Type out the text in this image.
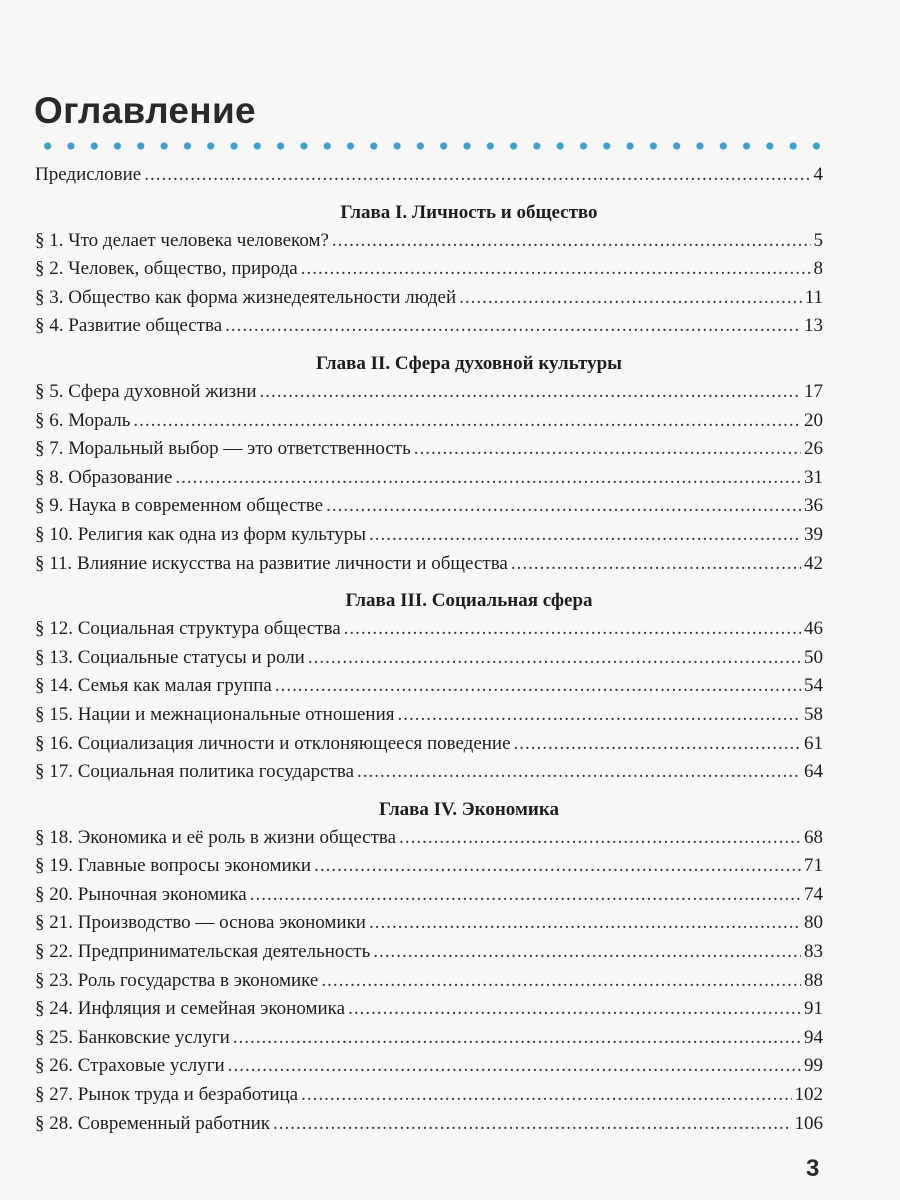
Оглавление
Предисловие .....	4
Глава I. Личность и общество
§ 1. Что делает человека человеком? .....	5
§ 2. Человек, общество, природа .....	8
§ 3. Общество как форма жизнедеятельности людей .....	11
§ 4. Развитие общества .....	13
Глава II. Сфера духовной культуры
§ 5. Сфера духовной жизни .....	17
§ 6. Мораль .....	20
§ 7. Моральный выбор — это ответственность .....	26
§ 8. Образование .....	31
§ 9. Наука в современном обществе .....	36
§ 10. Религия как одна из форм культуры .....	39
§ 11. Влияние искусства на развитие личности и общества .....	42
Глава III. Социальная сфера
§ 12. Социальная структура общества .....	46
§ 13. Социальные статусы и роли .....	50
§ 14. Семья как малая группа .....	54
§ 15. Нации и межнациональные отношения .....	58
§ 16. Социализация личности и отклоняющееся поведение .....	61
§ 17. Социальная политика государства .....	64
Глава IV. Экономика
§ 18. Экономика и её роль в жизни общества .....	68
§ 19. Главные вопросы экономики .....	71
§ 20. Рыночная экономика .....	74
§ 21. Производство — основа экономики .....	80
§ 22. Предпринимательская деятельность .....	83
§ 23. Роль государства в экономике .....	88
§ 24. Инфляция и семейная экономика .....	91
§ 25. Банковские услуги .....	94
§ 26. Страховые услуги .....	99
§ 27. Рынок труда и безработица .....	102
§ 28. Современный работник .....	106
3
